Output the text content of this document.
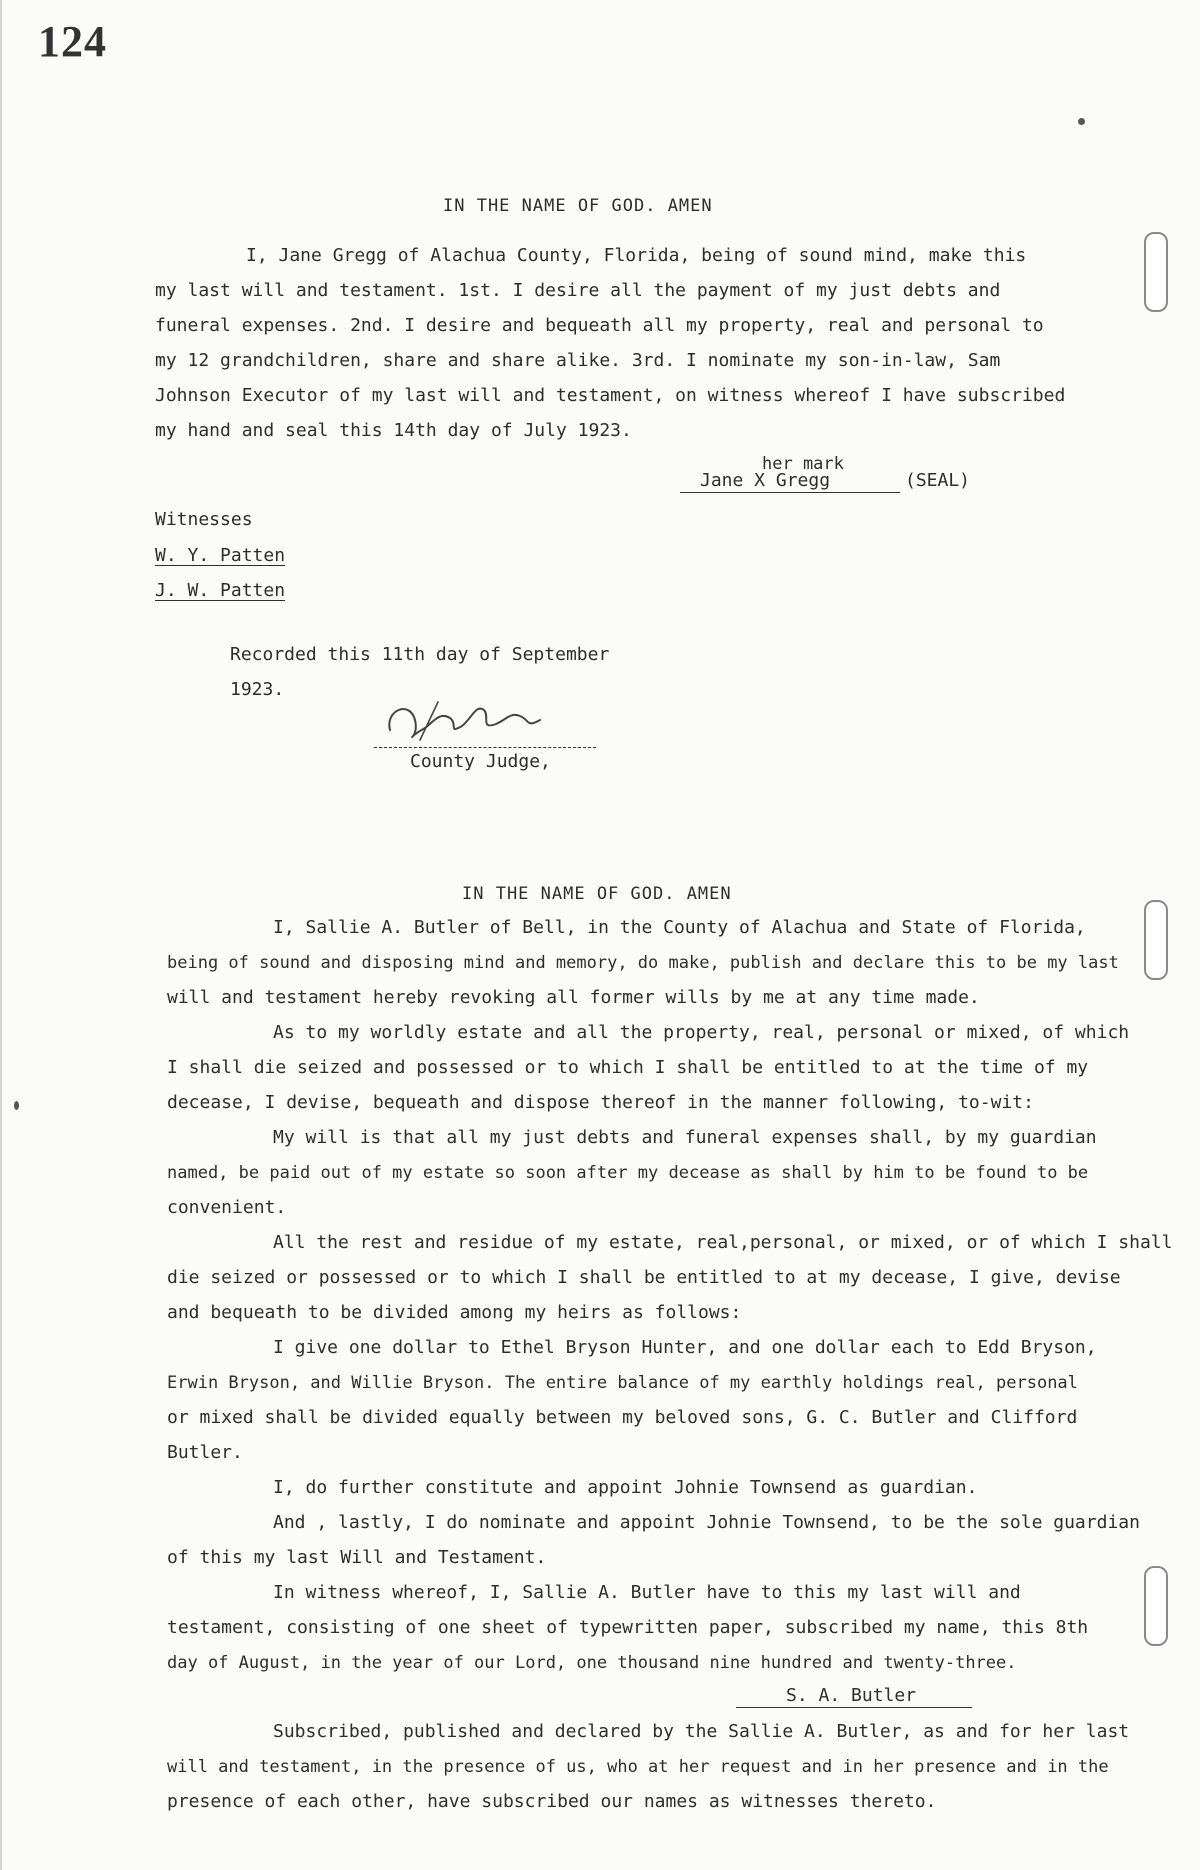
124
IN THE NAME OF GOD. AMEN
I, Jane Gregg of Alachua County, Florida, being of sound mind, make this
my last will and testament. 1st. I desire all the payment of my just debts and
funeral expenses. 2nd. I desire and bequeath all my property, real and personal to
my 12 grandchildren, share and share alike. 3rd. I nominate my son-in-law, Sam
Johnson Executor of my last will and testament, on witness whereof I have subscribed
my hand and seal this 14th day of July 1923.
her mark
Jane X Gregg	(SEAL)
Witnesses
W. Y. Patten
J. W. Patten
Recorded this 11th day of September
1923.
County Judge,
IN THE NAME OF GOD. AMEN
I, Sallie A. Butler of Bell, in the County of Alachua and State of Florida,
being of sound and disposing mind and memory, do make, publish and declare this to be my last
will and testament hereby revoking all former wills by me at any time made.
As to my worldly estate and all the property, real, personal or mixed, of which
I shall die seized and possessed or to which I shall be entitled to at the time of my
decease, I devise, bequeath and dispose thereof in the manner following, to-wit:
My will is that all my just debts and funeral expenses shall, by my guardian
named, be paid out of my estate so soon after my decease as shall by him to be found to be
convenient.
All the rest and residue of my estate, real,personal, or mixed, or of which I shall
die seized or possessed or to which I shall be entitled to at my decease, I give, devise
and bequeath to be divided among my heirs as follows:
I give one dollar to Ethel Bryson Hunter, and one dollar each to Edd Bryson,
Erwin Bryson, and Willie Bryson. The entire balance of my earthly holdings real, personal
or mixed shall be divided equally between my beloved sons, G. C. Butler and Clifford
Butler.
I, do further constitute and appoint Johnie Townsend as guardian.
And , lastly, I do nominate and appoint Johnie Townsend, to be the sole guardian
of this my last Will and Testament.
In witness whereof, I, Sallie A. Butler have to this my last will and
testament, consisting of one sheet of typewritten paper, subscribed my name, this 8th
day of August, in the year of our Lord, one thousand nine hundred and twenty-three.
S. A. Butler
Subscribed, published and declared by the Sallie A. Butler, as and for her last
will and testament, in the presence of us, who at her request and in her presence and in the
presence of each other, have subscribed our names as witnesses thereto.
